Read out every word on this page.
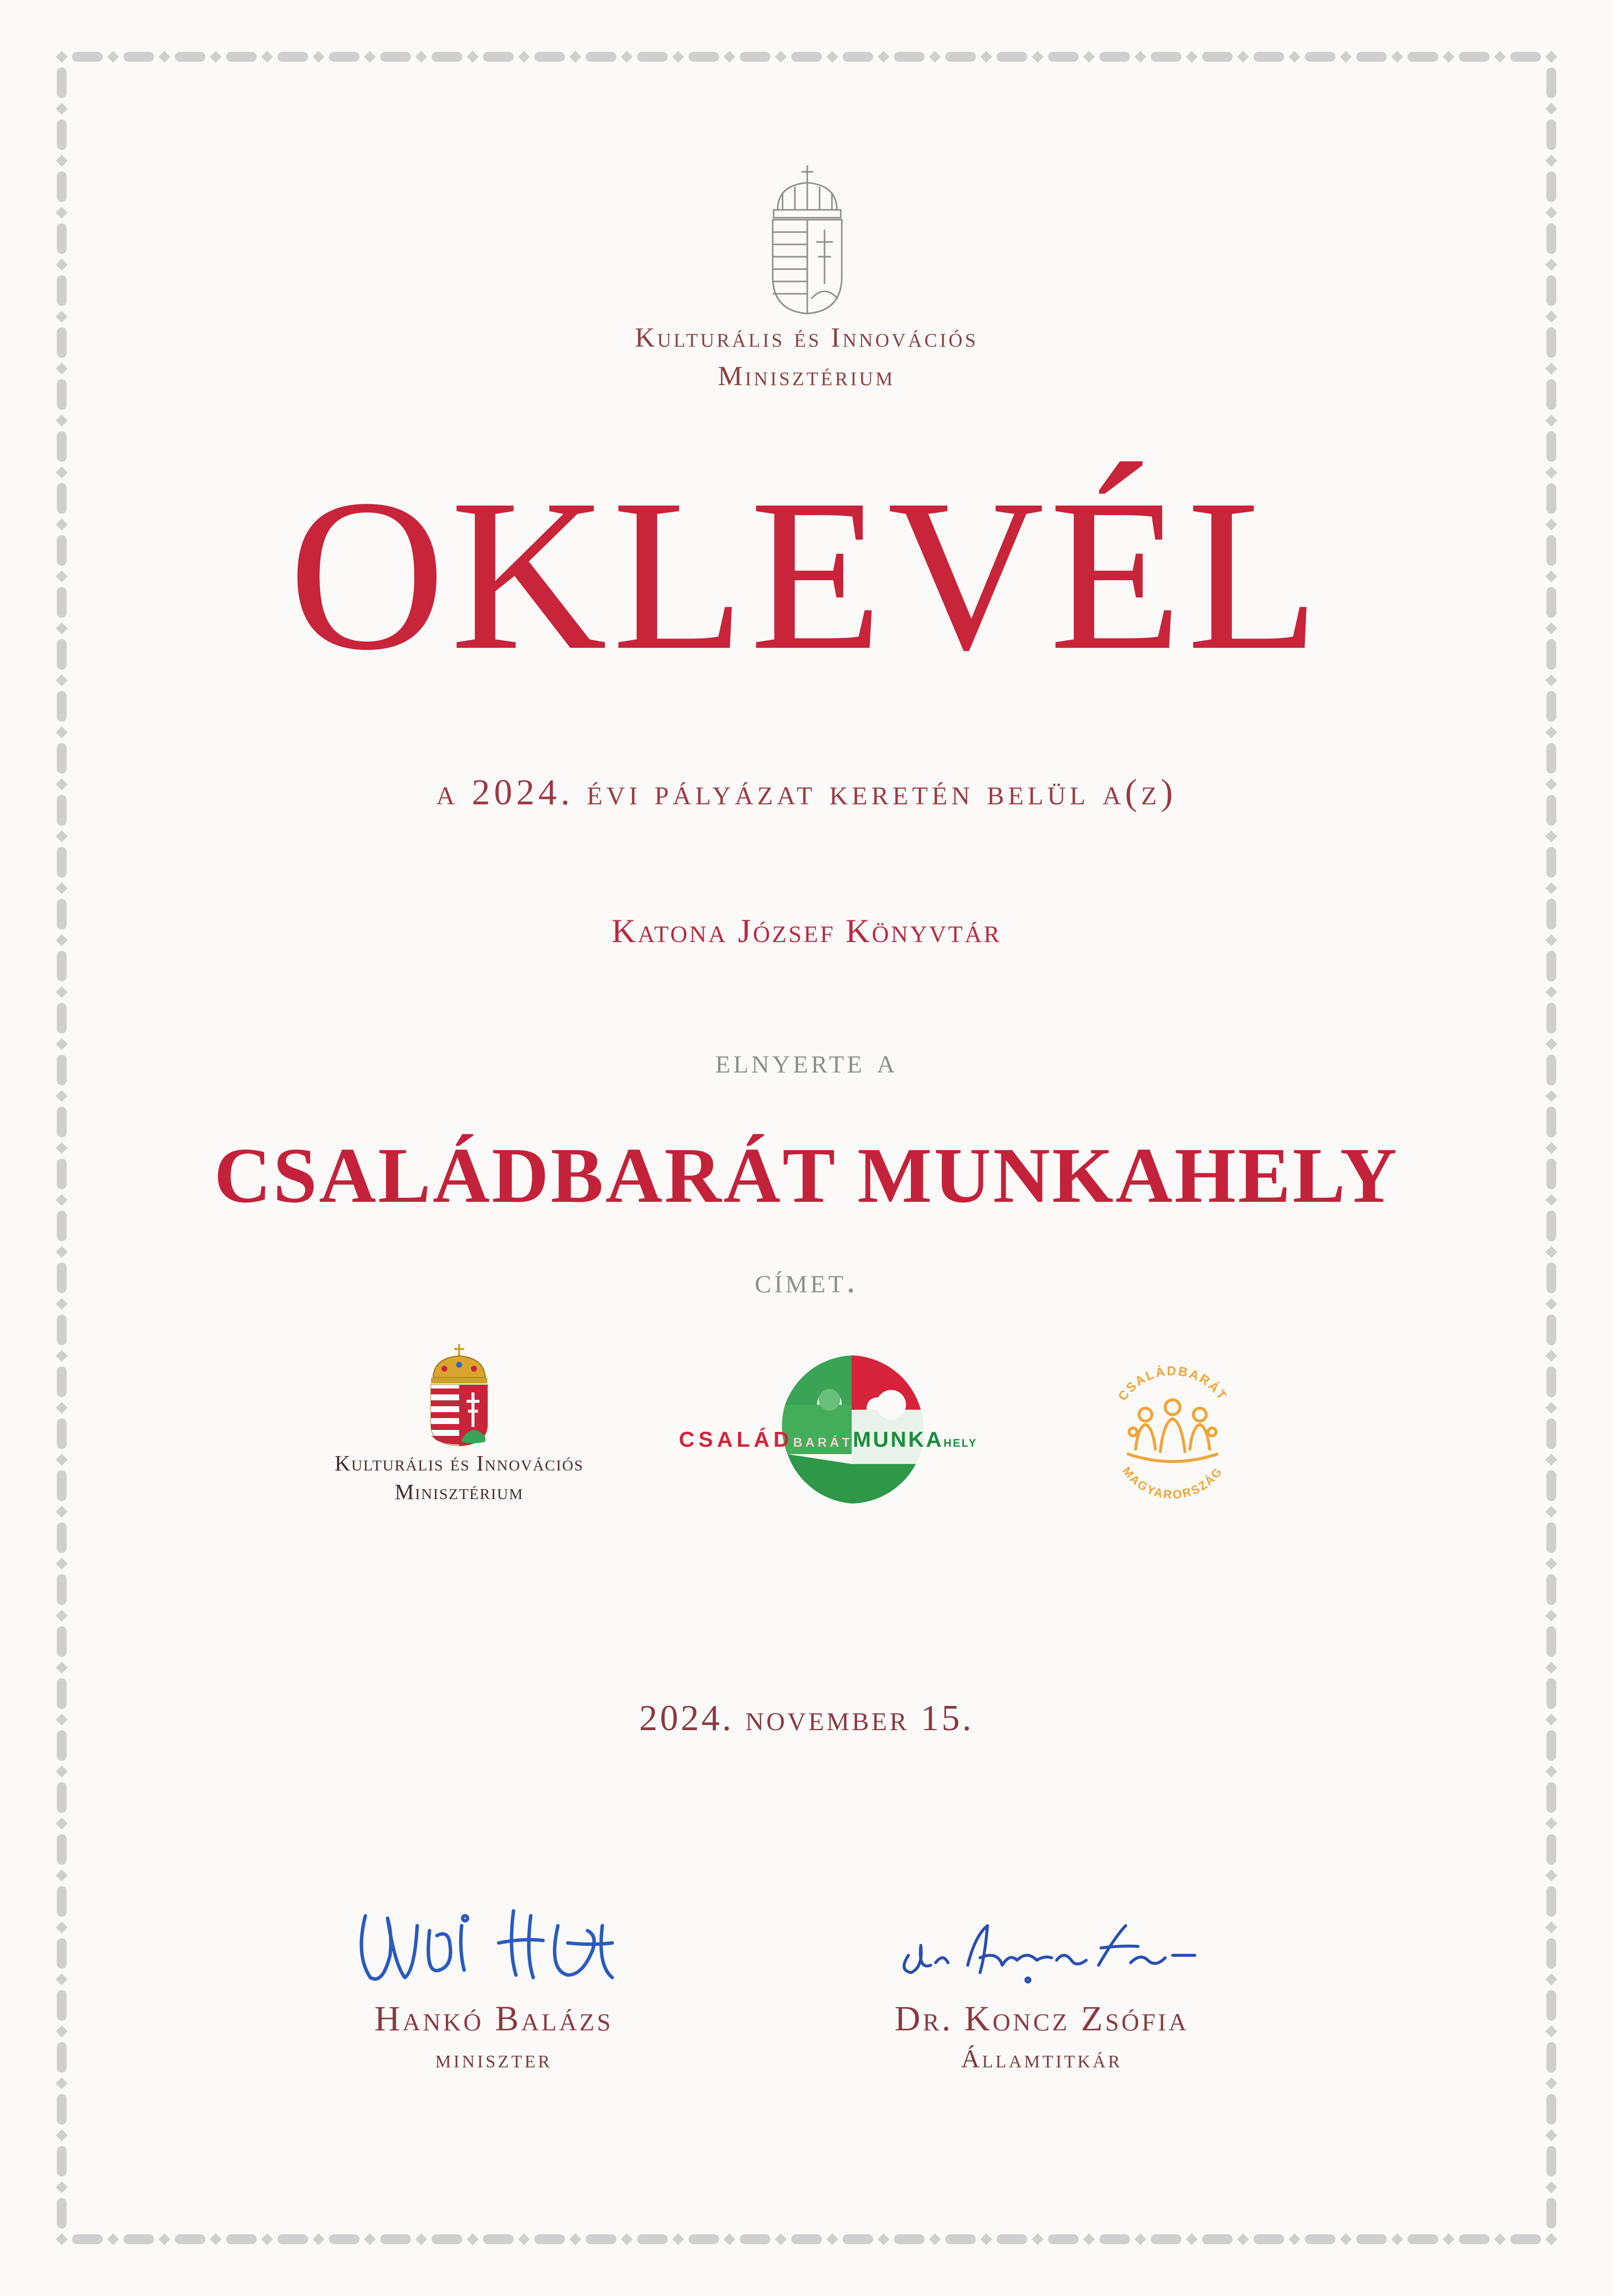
Kulturális és Innovációs
Minisztérium
OKLEVÉL
a 2024. évi pályázat keretén belül a(z)
Katona József Könyvtár
elnyerte a
CSALÁDBARÁT MUNKAHELY
címet.
Kulturális és Innovációs
Minisztérium
CSALÁDBARÁTMUNKAHELY
CSALÁDBARÁT
MAGYARORSZÁG
2024. november 15.
Hankó Balázs
miniszter
Dr. Koncz Zsófia
Államtitkár
